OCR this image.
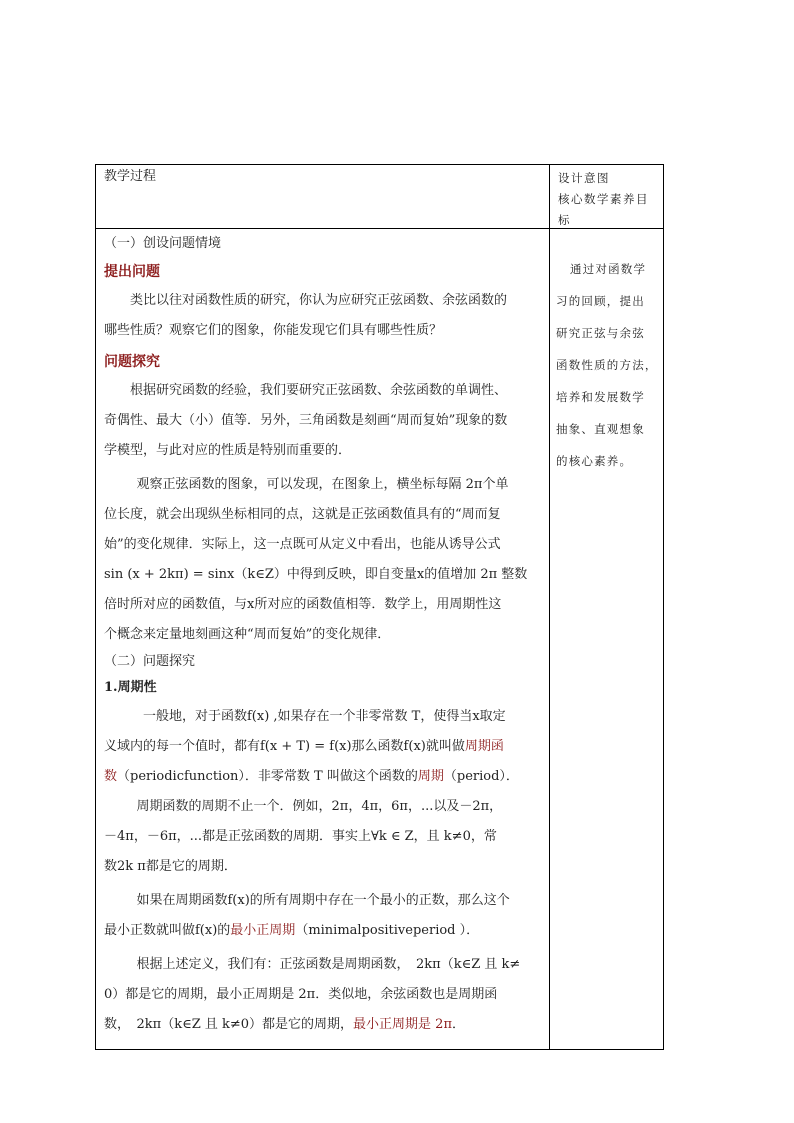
教学过程	设计意图
核心数学素养目
标

（一）创设问题情境

提出问题

类比以往对函数性质的研究，你认为应研究正弦函数、余弦函数的

哪些性质？观察它们的图象，你能发现它们具有哪些性质？

问题探究

根据研究函数的经验，我们要研究正弦函数、余弦函数的单调性、

奇偶性、最大（小）值等．另外，三角函数是刻画“周而复始”现象的数

学模型，与此对应的性质是特别而重要的．

观察正弦函数的图象，可以发现，在图象上，横坐标每隔 2π个单

位长度，就会出现纵坐标相同的点，这就是正弦函数值具有的“周而复

始”的变化规律．实际上，这一点既可从定义中看出，也能从诱导公式

sin (x + 2kπ) = sinx（k∈Z）中得到反映，即自变量x的值增加 2π 整数

倍时所对应的函数值，与x所对应的函数值相等．数学上，用周期性这

个概念来定量地刻画这种“周而复始”的变化规律．

（二）问题探究

1.周期性

一般地，对于函数f(x) ,如果存在一个非零常数 T，使得当x取定

义域内的每一个值时，都有f(x + T) = f(x)那么函数f(x)就叫做周期函

数（periodicfunction）．非零常数 T 叫做这个函数的周期（period）．

周期函数的周期不止一个．例如，2π，4π，6π，...以及－2π，

－4π，－6π，...都是正弦函数的周期．事实上∀k ∈ Z，且 k≠0，常

数2k π都是它的周期．

如果在周期函数f(x)的所有周期中存在一个最小的正数，那么这个

最小正数就叫做f(x)的最小正周期（minimalpositiveperiod ）．

根据上述定义，我们有：正弦函数是周期函数，　2kπ（k∈Z 且 k≠

0）都是它的周期，最小正周期是 2π．类似地，余弦函数也是周期函

数，　2kπ（k∈Z 且 k≠0）都是它的周期，最小正周期是 2π．

通过对函数学
习的回顾，提出
研究正弦与余弦
函数性质的方法，
培养和发展数学
抽象、直观想象
的核心素养。
